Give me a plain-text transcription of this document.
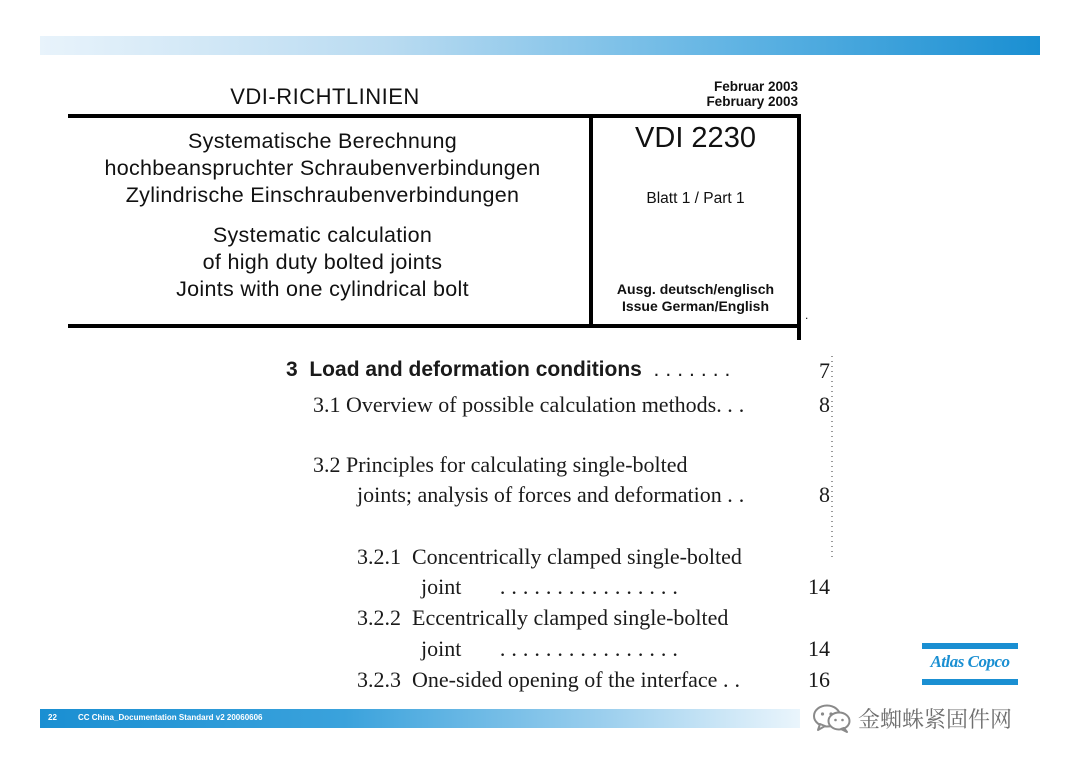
VDI-RICHTLINIEN	Februar 2003
February 2003
.
Systematische Berechnung
hochbeanspruchter Schraubenverbindungen
Zylindrische Einschraubenverbindungen
Systematic calculation
of high duty bolted joints
Joints with one cylindrical bolt
VDI 2230
Blatt 1 / Part 1
Ausg. deutsch/englisch
Issue German/English
3 Load and deformation conditions .......	7
3.1 Overview of possible calculation methods. ..	8
3.2 Principles for calculating single-bolted
joints; analysis of forces and deformation ..	8
3.2.1 Concentrically clamped single-bolted
joint ................	14
3.2.2 Eccentrically clamped single-bolted
joint ................	14
3.2.3 One-sided opening of the interface ..	16
22	CC China_Documentation Standard v2 20060606
Atlas Copco
金蜘蛛紧固件网
